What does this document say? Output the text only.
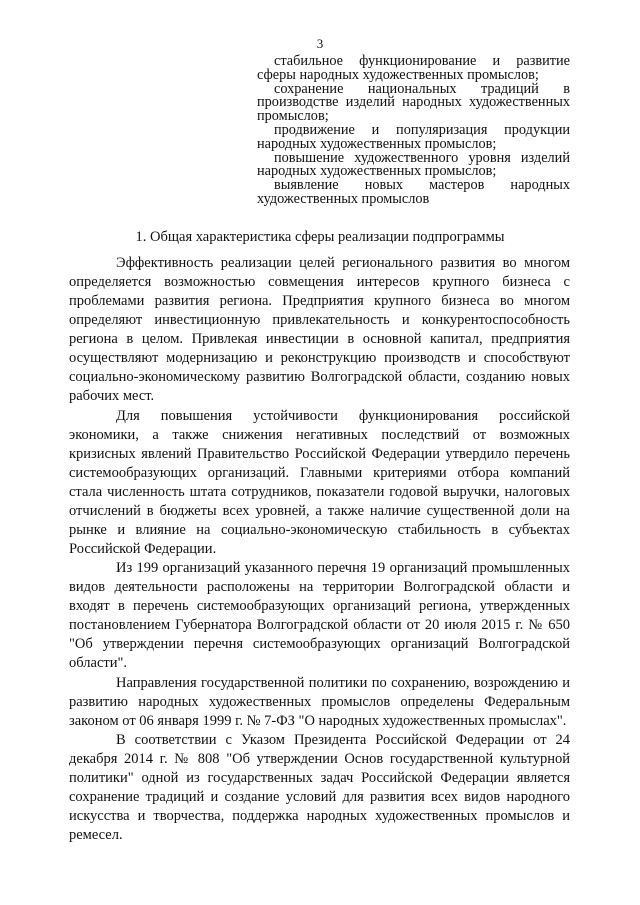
3
стабильное функционирование и развитие сферы народных художественных промыслов;
сохранение национальных традиций в производстве изделий народных художественных промыслов;
продвижение и популяризация продукции народных художественных промыслов;
повышение художественного уровня изделий народных художественных промыслов;
выявление новых мастеров народных художественных промыслов
1. Общая характеристика сферы реализации подпрограммы

Эффективность реализации целей регионального развития во многом определяется возможностью совмещения интересов крупного бизнеса с проблемами развития региона. Предприятия крупного бизнеса во многом определяют инвестиционную привлекательность и конкурентоспособность региона в целом. Привлекая инвестиции в основной капитал, предприятия осуществляют модернизацию и реконструкцию производств и способствуют социально-экономическому развитию Волгоградской области, созданию новых рабочих мест.

Для повышения устойчивости функционирования российской экономики, а также снижения негативных последствий от возможных кризисных явлений Правительство Российской Федерации утвердило перечень системообразующих организаций. Главными критериями отбора компаний стала численность штата сотрудников, показатели годовой выручки, налоговых отчислений в бюджеты всех уровней, а также наличие существенной доли на рынке и влияние на социально-экономическую стабильность в субъектах Российской Федерации.

Из 199 организаций указанного перечня 19 организаций промышленных видов деятельности расположены на территории Волгоградской области и входят в перечень системообразующих организаций региона, утвержденных постановлением Губернатора Волгоградской области от 20 июля 2015 г. № 650 "Об утверждении перечня системообразующих организаций Волгоградской области".

Направления государственной политики по сохранению, возрождению и развитию народных художественных промыслов определены Федеральным законом от 06 января 1999 г. № 7-ФЗ "О народных художественных промыслах".

В соответствии с Указом Президента Российской Федерации от 24 декабря 2014 г. № 808 "Об утверждении Основ государственной культурной политики" одной из государственных задач Российской Федерации является сохранение традиций и создание условий для развития всех видов народного искусства и творчества, поддержка народных художественных промыслов и ремесел.
